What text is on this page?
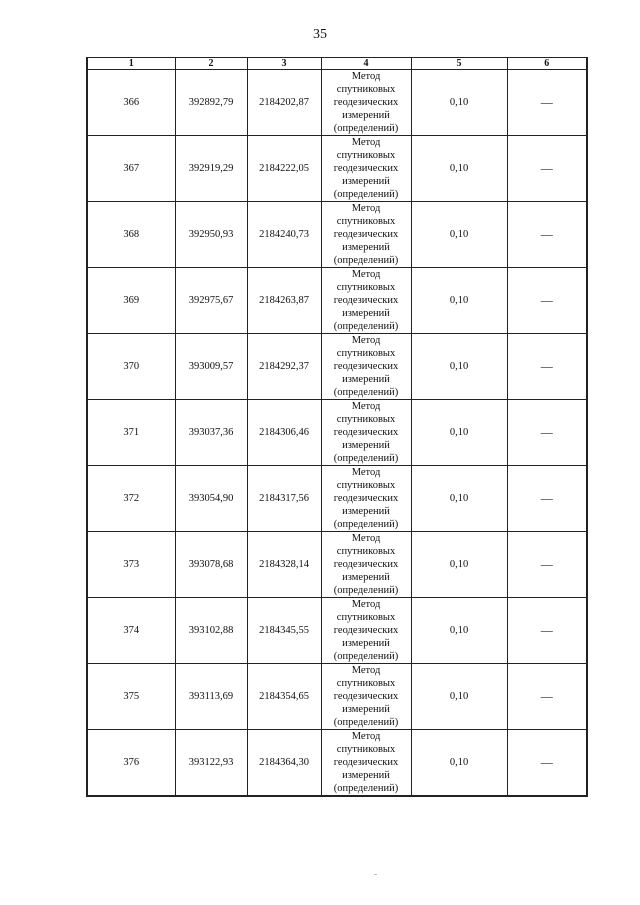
35
1	2	3	4	5	6
366	392892,79	2184202,87	Метод
спутниковых
геодезических
измерений
(определений)	0,10	—
367	392919,29	2184222,05	Метод
спутниковых
геодезических
измерений
(определений)	0,10	—
368	392950,93	2184240,73	Метод
спутниковых
геодезических
измерений
(определений)	0,10	—
369	392975,67	2184263,87	Метод
спутниковых
геодезических
измерений
(определений)	0,10	—
370	393009,57	2184292,37	Метод
спутниковых
геодезических
измерений
(определений)	0,10	—
371	393037,36	2184306,46	Метод
спутниковых
геодезических
измерений
(определений)	0,10	—
372	393054,90	2184317,56	Метод
спутниковых
геодезических
измерений
(определений)	0,10	—
373	393078,68	2184328,14	Метод
спутниковых
геодезических
измерений
(определений)	0,10	—
374	393102,88	2184345,55	Метод
спутниковых
геодезических
измерений
(определений)	0,10	—
375	393113,69	2184354,65	Метод
спутниковых
геодезических
измерений
(определений)	0,10	—
376	393122,93	2184364,30	Метод
спутниковых
геодезических
измерений
(определений)	0,10	—
